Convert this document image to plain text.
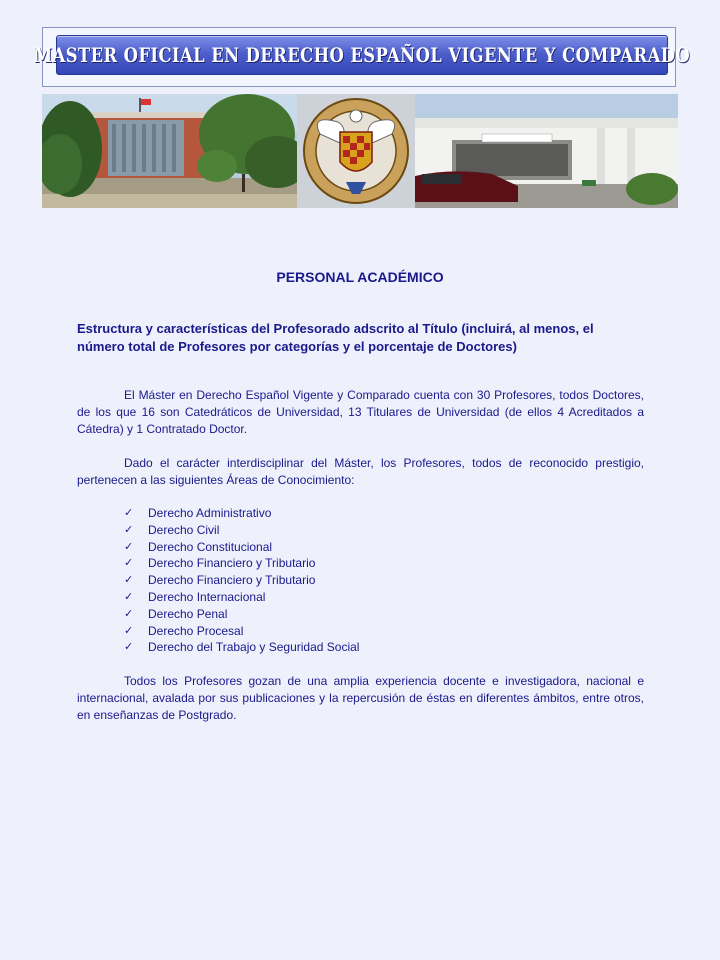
MASTER OFICIAL EN DERECHO ESPAÑOL VIGENTE Y COMPARADO
PERSONAL ACADÉMICO

Estructura y características del Profesorado adscrito al Título (incluirá, al menos, el número total de Profesores por categorías y el porcentaje de Doctores)

El Máster en Derecho Español Vigente y Comparado cuenta con 30 Profesores, todos Doctores, de los que 16 son Catedráticos de Universidad, 13 Titulares de Universidad (de ellos 4 Acreditados a Cátedra) y 1 Contratado Doctor.

Dado el carácter interdisciplinar del Máster, los Profesores, todos de reconocido prestigio, pertenecen a las siguientes Áreas de Conocimiento:

✓	Derecho Administrativo
✓	Derecho Civil
✓	Derecho Constitucional
✓	Derecho Financiero y Tributario
✓	Derecho Financiero y Tributario
✓	Derecho Internacional
✓	Derecho Penal
✓	Derecho Procesal
✓	Derecho del Trabajo y Seguridad Social

Todos los Profesores gozan de una amplia experiencia docente e investigadora, nacional e internacional, avalada por sus publicaciones y la repercusión de éstas en diferentes ámbitos, entre otros, en enseñanzas de Postgrado.
